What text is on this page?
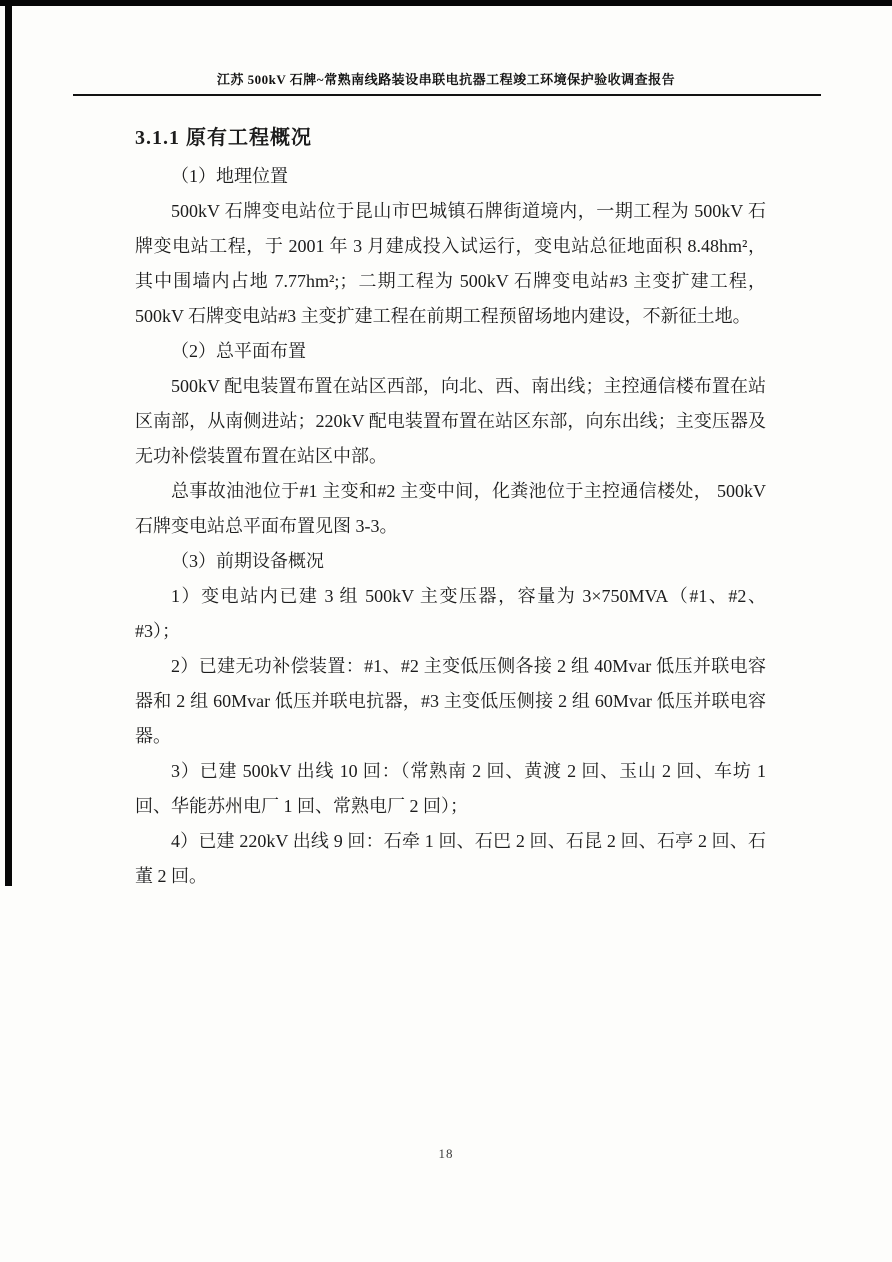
江苏 500kV 石牌~常熟南线路装设串联电抗器工程竣工环境保护验收调查报告
3.1.1 原有工程概况

（1）地理位置

500kV 石牌变电站位于昆山市巴城镇石牌街道境内，一期工程为 500kV 石牌变电站工程，于 2001 年 3 月建成投入试运行，变电站总征地面积 8.48hm²，其中围墙内占地 7.77hm²;；二期工程为 500kV 石牌变电站#3 主变扩建工程，500kV 石牌变电站#3 主变扩建工程在前期工程预留场地内建设，不新征土地。

（2）总平面布置

500kV 配电装置布置在站区西部，向北、西、南出线；主控通信楼布置在站区南部，从南侧进站；220kV 配电装置布置在站区东部，向东出线；主变压器及无功补偿装置布置在站区中部。

总事故油池位于#1 主变和#2 主变中间，化粪池位于主控通信楼处， 500kV 石牌变电站总平面布置见图 3-3。

（3）前期设备概况

1）变电站内已建 3 组 500kV 主变压器，容量为 3×750MVA（#1、#2、#3）；

2）已建无功补偿装置：#1、#2 主变低压侧各接 2 组 40Mvar 低压并联电容器和 2 组 60Mvar 低压并联电抗器，#3 主变低压侧接 2 组 60Mvar 低压并联电容器。

3）已建 500kV 出线 10 回：（常熟南 2 回、黄渡 2 回、玉山 2 回、车坊 1 回、华能苏州电厂 1 回、常熟电厂 2 回）；

4）已建 220kV 出线 9 回：石牵 1 回、石巴 2 回、石昆 2 回、石亭 2 回、石董 2 回。

18
